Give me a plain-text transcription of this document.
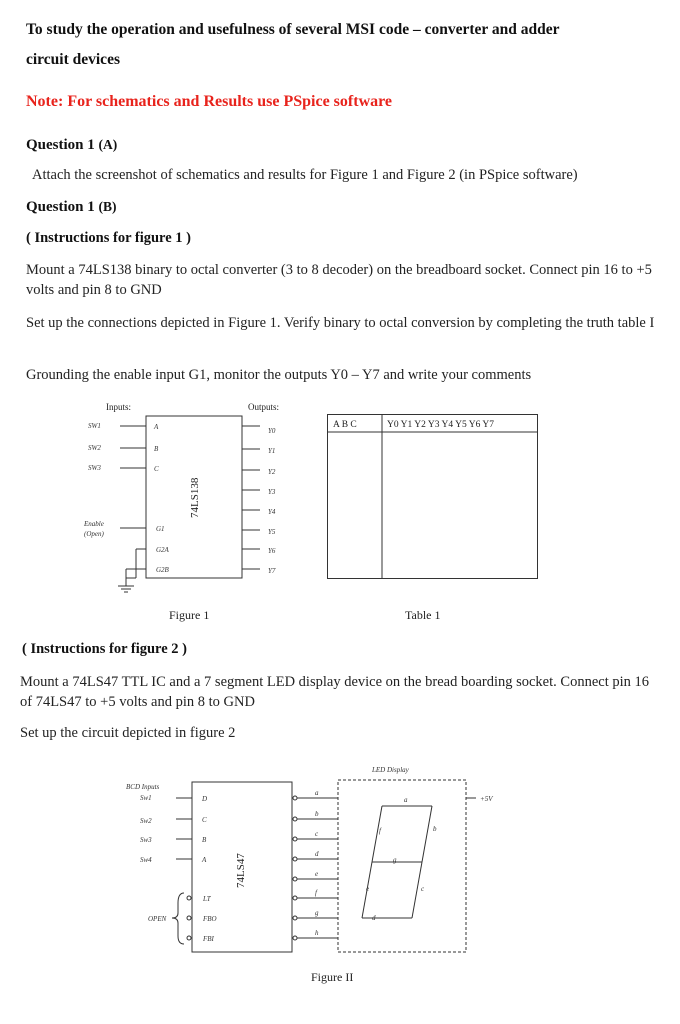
To study the operation and usefulness of several MSI code – converter and adder
circuit devices
Note: For schematics and Results use PSpice software
Question 1 (A)
Attach the screenshot of schematics and results for Figure 1 and Figure 2 (in PSpice software)
Question 1 (B)
( Instructions for figure 1 )
Mount a 74LS138 binary to octal converter (3 to 8 decoder) on the breadboard socket. Connect pin 16 to +5 volts and pin 8 to GND
Set up the connections depicted in Figure 1. Verify binary to octal conversion by completing the truth table I
Grounding the enable input G1, monitor the outputs Y0 – Y7 and write your comments
Inputs:	Outputs:
74LS138
SW1	A
SW2	B
SW3	C
Enable
(Open)
G1
G2A
G2B
Y0
Y1
Y2
Y3
Y4
Y5
Y6
Y7
Figure 1
A B C	Y0 Y1 Y2 Y3 Y4 Y5 Y6 Y7
Table 1
( Instructions for figure 2 )
Mount a 74LS47 TTL IC and a 7 segment LED display device on the bread boarding socket. Connect pin 16 of 74LS47 to +5 volts and pin 8 to GND
Set up the circuit depicted in figure 2
BCD Inputs
Sw1	D
Sw2	C
Sw3	B
Sw4	A	74LS47
LT
FBO
FBI
OPEN
a
b
c
d
e
f
g
h
LED Display
+5V
a
b
c
d
e
f
g
Figure II
